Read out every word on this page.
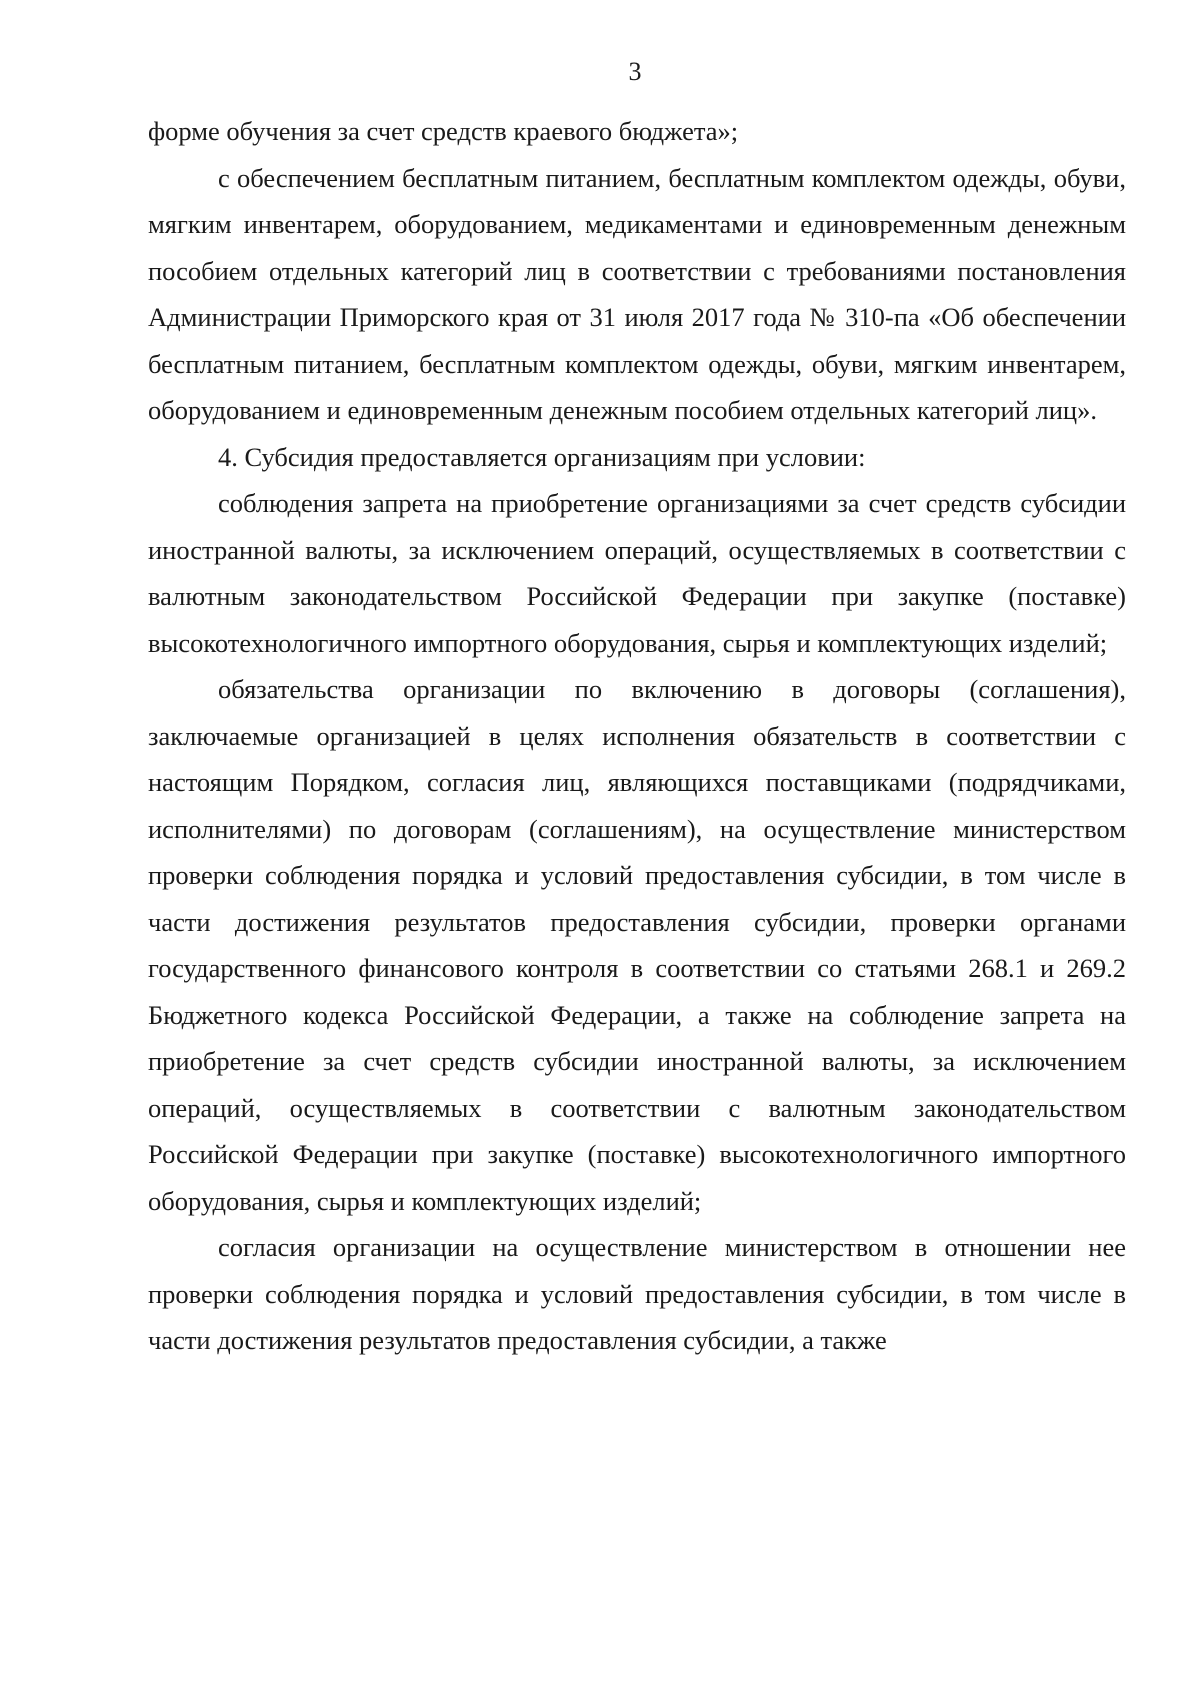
3

форме обучения за счет средств краевого бюджета»;

с обеспечением бесплатным питанием, бесплатным комплектом одежды, обуви, мягким инвентарем, оборудованием, медикаментами и единовременным денежным пособием отдельных категорий лиц в соответствии с требованиями постановления Администрации Приморского края от 31 июля 2017 года № 310-па «Об обеспечении бесплатным питанием, бесплатным комплектом одежды, обуви, мягким инвентарем, оборудованием и единовременным денежным пособием отдельных категорий лиц».

4. Субсидия предоставляется организациям при условии:

соблюдения запрета на приобретение организациями за счет средств субсидии иностранной валюты, за исключением операций, осуществляемых в соответствии с валютным законодательством Российской Федерации при закупке (поставке) высокотехнологичного импортного оборудования, сырья и комплектующих изделий;

обязательства организации по включению в договоры (соглашения), заключаемые организацией в целях исполнения обязательств в соответствии с настоящим Порядком, согласия лиц, являющихся поставщиками (подрядчиками, исполнителями) по договорам (соглашениям), на осуществление министерством проверки соблюдения порядка и условий предоставления субсидии, в том числе в части достижения результатов предоставления субсидии, проверки органами государственного финансового контроля в соответствии со статьями 268.1 и 269.2 Бюджетного кодекса Российской Федерации, а также на соблюдение запрета на приобретение за счет средств субсидии иностранной валюты, за исключением операций, осуществляемых в соответствии с валютным законодательством Российской Федерации при закупке (поставке) высокотехнологичного импортного оборудования, сырья и комплектующих изделий;

согласия организации на осуществление министерством в отношении нее проверки соблюдения порядка и условий предоставления субсидии, в том числе в части достижения результатов предоставления субсидии, а также
